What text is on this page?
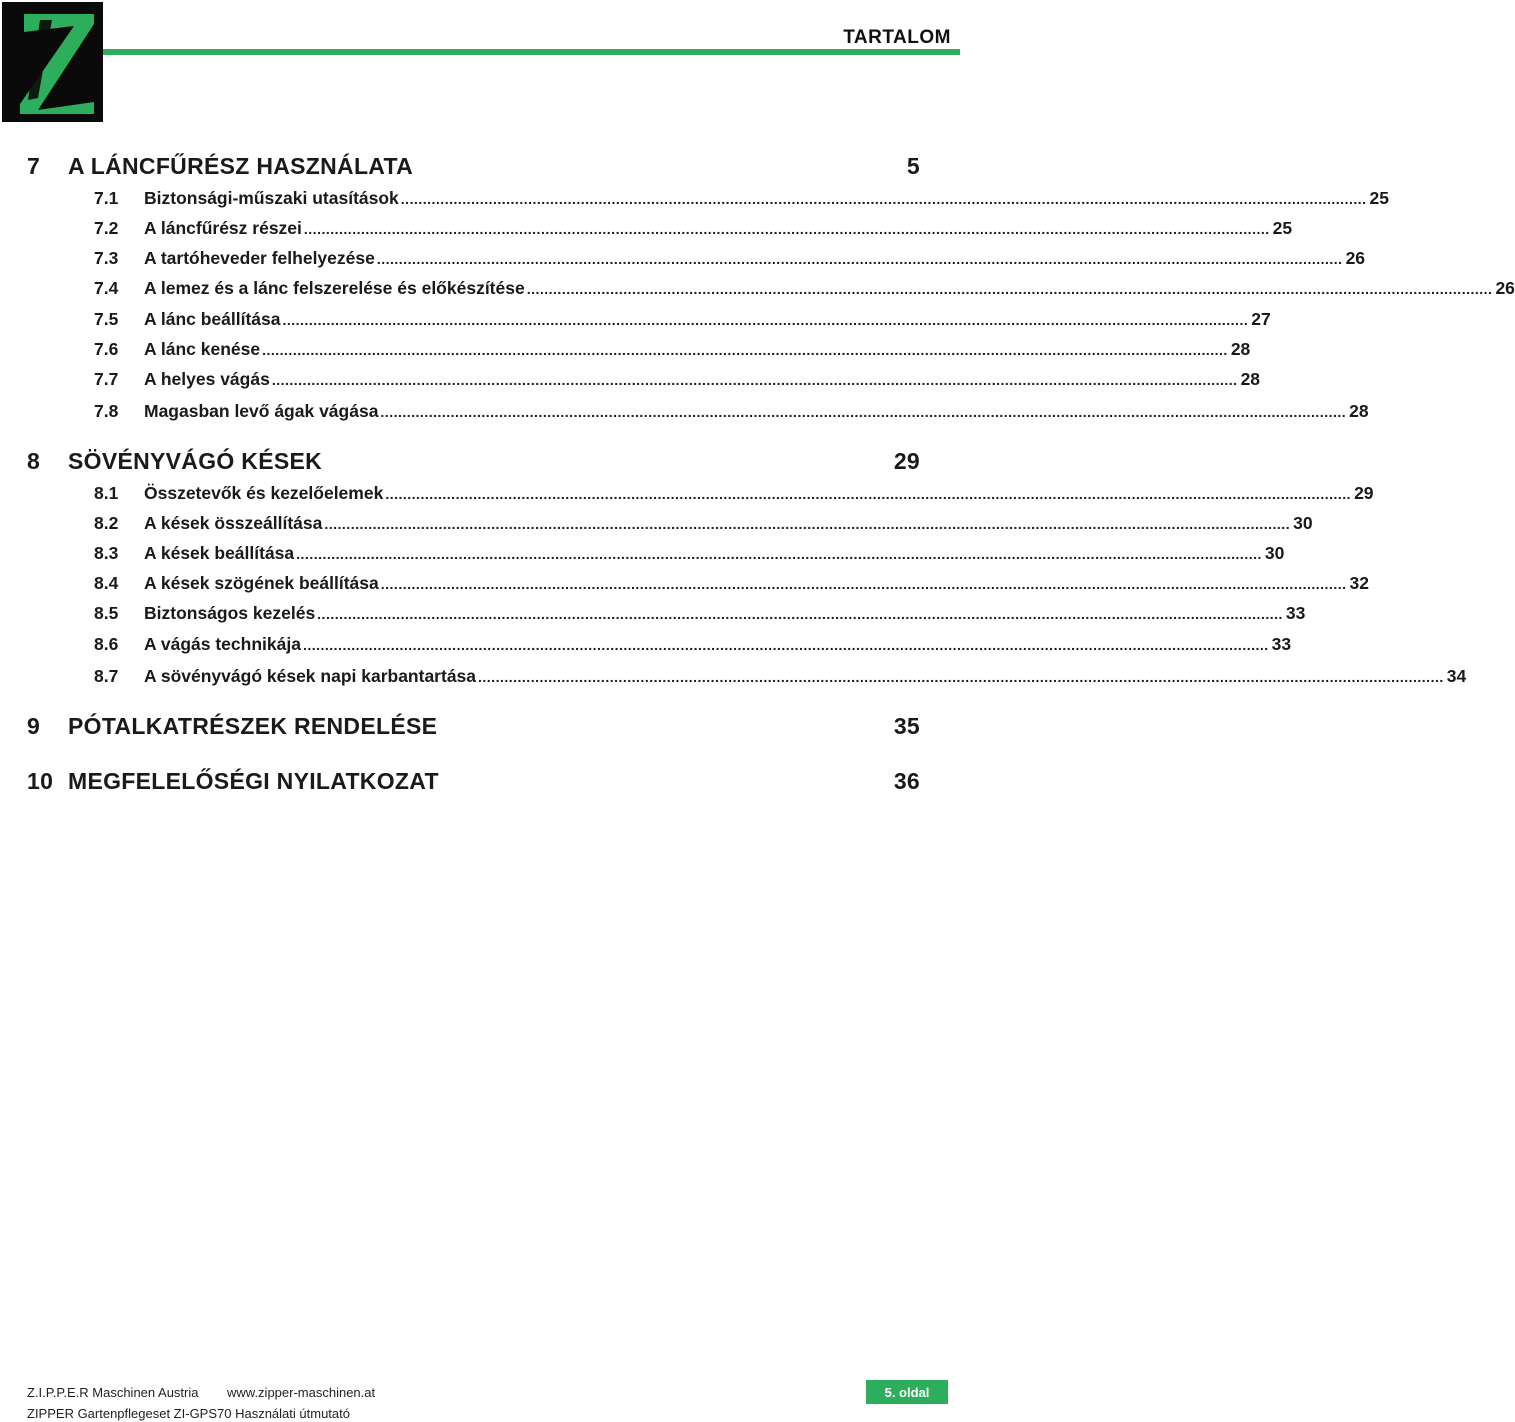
TARTALOM
7 A LÁNCFŰRÉSZ HASZNÁLATA	5
7.1	Biztonsági-műszaki utasítások ............................................................................................................................................................................................................................ 25
7.2	A láncfűrész részei ............................................................................................................................................................................................................................ 25
7.3	A tartóheveder felhelyezése ............................................................................................................................................................................................................................ 26
7.4	A lemez és a lánc felszerelése és előkészítése ............................................................................................................................................................................................................................ 26
7.5	A lánc beállítása ............................................................................................................................................................................................................................ 27
7.6	A lánc kenése ............................................................................................................................................................................................................................ 28
7.7	A helyes vágás ............................................................................................................................................................................................................................ 28
7.8	Magasban levő ágak vágása ............................................................................................................................................................................................................................ 28
8 SÖVÉNYVÁGÓ KÉSEK	29
8.1	Összetevők és kezelőelemek ............................................................................................................................................................................................................................ 29
8.2	A kések összeállítása ............................................................................................................................................................................................................................ 30
8.3	A kések beállítása ............................................................................................................................................................................................................................ 30
8.4	A kések szögének beállítása ............................................................................................................................................................................................................................ 32
8.5	Biztonságos kezelés ............................................................................................................................................................................................................................ 33
8.6	A vágás technikája ............................................................................................................................................................................................................................ 33
8.7	A sövényvágó kések napi karbantartása ............................................................................................................................................................................................................................ 34
9 PÓTALKATRÉSZEK RENDELÉSE	35
10 MEGFELELŐSÉGI NYILATKOZAT	36
Z.I.P.P.E.R Maschinen Austria www.zipper-maschinen.at
ZIPPER Gartenpflegeset ZI-GPS70 Használati útmutató
5. oldal
